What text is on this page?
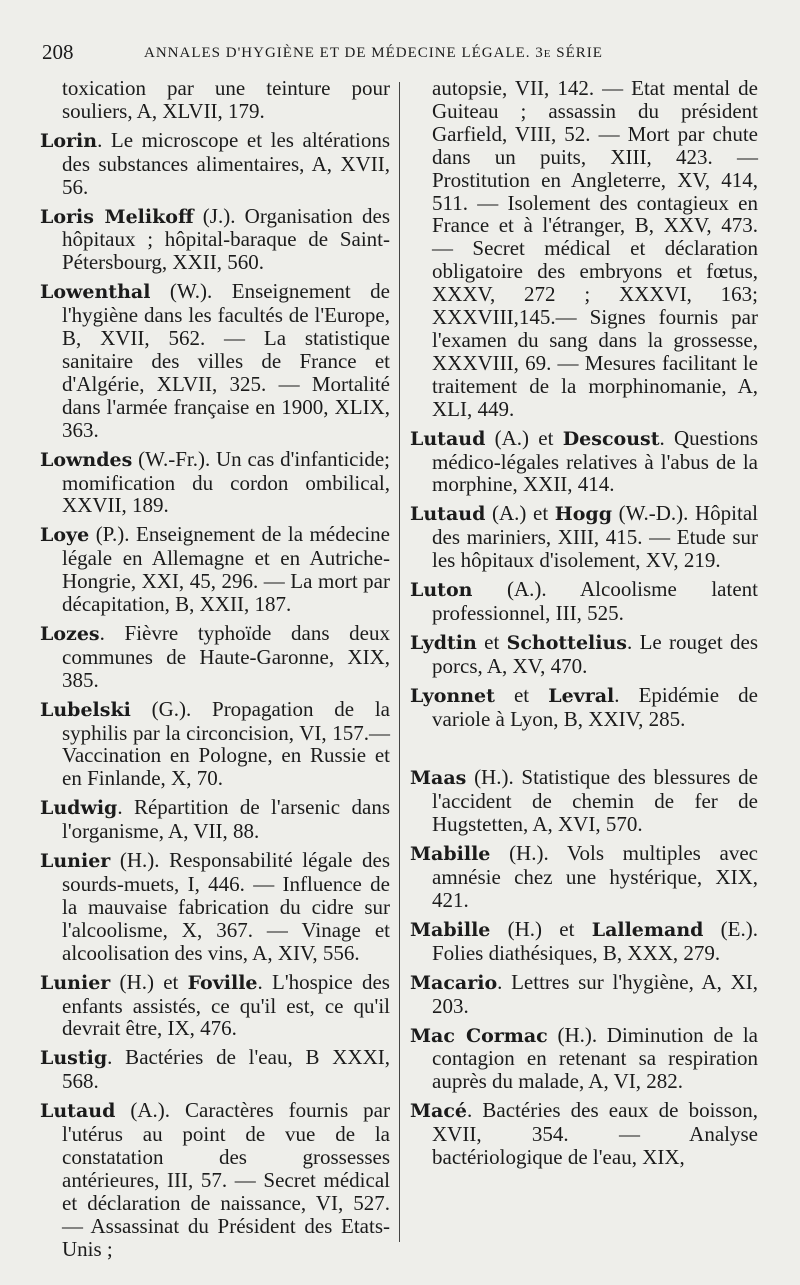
208	ANNALES D'HYGIÈNE ET DE MÉDECINE LÉGALE. 3e SÉRIE

toxication par une teinture pour souliers, A, XLVII, 179.

Lorin. Le microscope et les altérations des substances alimentaires, A, XVII, 56.

Loris Melikoff (J.). Organisation des hôpitaux ; hôpital-baraque de Saint-Pétersbourg, XXII, 560.

Lowenthal (W.). Enseignement de l'hygiène dans les facultés de l'Europe, B, XVII, 562. — La statistique sanitaire des villes de France et d'Algérie, XLVII, 325. — Mortalité dans l'armée française en 1900, XLIX, 363.

Lowndes (W.-Fr.). Un cas d'infanticide; momification du cordon ombilical, XXVII, 189.

Loye (P.). Enseignement de la médecine légale en Allemagne et en Autriche-Hongrie, XXI, 45, 296. — La mort par décapitation, B, XXII, 187.

Lozes. Fièvre typhoïde dans deux communes de Haute-Garonne, XIX, 385.

Lubelski (G.). Propagation de la syphilis par la circoncision, VI, 157.— Vaccination en Pologne, en Russie et en Finlande, X, 70.

Ludwig. Répartition de l'arsenic dans l'organisme, A, VII, 88.

Lunier (H.). Responsabilité légale des sourds-muets, I, 446. — Influence de la mauvaise fabrication du cidre sur l'alcoolisme, X, 367. — Vinage et alcoolisation des vins, A, XIV, 556.

Lunier (H.) et Foville. L'hospice des enfants assistés, ce qu'il est, ce qu'il devrait être, IX, 476.

Lustig. Bactéries de l'eau, B XXXI, 568.

Lutaud (A.). Caractères fournis par l'utérus au point de vue de la constatation des grossesses antérieures, III, 57. — Secret médical et déclaration de naissance, VI, 527. — Assassinat du Président des Etats-Unis ;

autopsie, VII, 142. — Etat mental de Guiteau ; assassin du président Garfield, VIII, 52. — Mort par chute dans un puits, XIII, 423. — Prostitution en Angleterre, XV, 414, 511. — Isolement des contagieux en France et à l'étranger, B, XXV, 473. — Secret médical et déclaration obligatoire des embryons et fœtus, XXXV, 272 ; XXXVI, 163; XXXVIII,145.— Signes fournis par l'examen du sang dans la grossesse, XXXVIII, 69. — Mesures facilitant le traitement de la morphinomanie, A, XLI, 449.

Lutaud (A.) et Descoust. Questions médico-légales relatives à l'abus de la morphine, XXII, 414.

Lutaud (A.) et Hogg (W.-D.). Hôpital des mariniers, XIII, 415. — Etude sur les hôpitaux d'isolement, XV, 219.

Luton (A.). Alcoolisme latent professionnel, III, 525.

Lydtin et Schottelius. Le rouget des porcs, A, XV, 470.

Lyonnet et Levral. Epidémie de variole à Lyon, B, XXIV, 285.

Maas (H.). Statistique des blessures de l'accident de chemin de fer de Hugstetten, A, XVI, 570.

Mabille (H.). Vols multiples avec amnésie chez une hystérique, XIX, 421.

Mabille (H.) et Lallemand (E.). Folies diathésiques, B, XXX, 279.

Macario. Lettres sur l'hygiène, A, XI, 203.

Mac Cormac (H.). Diminution de la contagion en retenant sa respiration auprès du malade, A, VI, 282.

Macé. Bactéries des eaux de boisson, XVII, 354. — Analyse bactériologique de l'eau, XIX,
